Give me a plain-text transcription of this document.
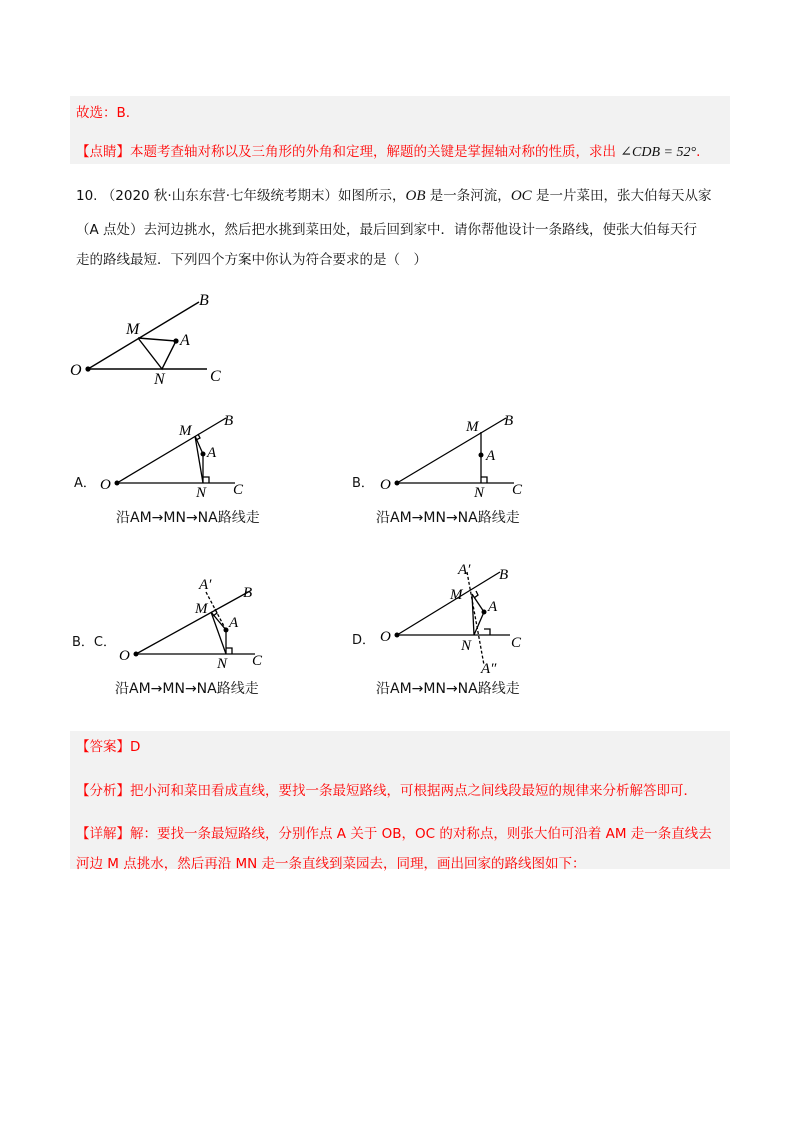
故选：B.
【点睛】本题考查轴对称以及三角形的外角和定理，解题的关键是掌握轴对称的性质，求出 ∠CDB = 52°.
10. （2020 秋·山东东营·七年级统考期末）如图所示，OB 是一条河流，OC 是一片菜田，张大伯每天从家
（A 点处）去河边挑水，然后把水挑到菜田处，最后回到家中．请你帮他设计一条路线，使张大伯每天行
走的路线最短．下列四个方案中你认为符合要求的是（　）
O
B
C
M
A
N
O
B
C
M
A
N	O
B
C
M
A
N
O
A′ B
C
M
A
N
O
A′ B
C
M
A
N
A″
A．
沿AM→MN→NA路线走
B．
沿AM→MN→NA路线走
B．C．
沿AM→MN→NA路线走
D．
沿AM→MN→NA路线走
【答案】D
【分析】把小河和菜田看成直线，要找一条最短路线，可根据两点之间线段最短的规律来分析解答即可．
【详解】解：要找一条最短路线，分别作点 A 关于 OB，OC 的对称点，则张大伯可沿着 AM 走一条直线去
河边 M 点挑水，然后再沿 MN 走一条直线到菜园去，同理，画出回家的路线图如下：
